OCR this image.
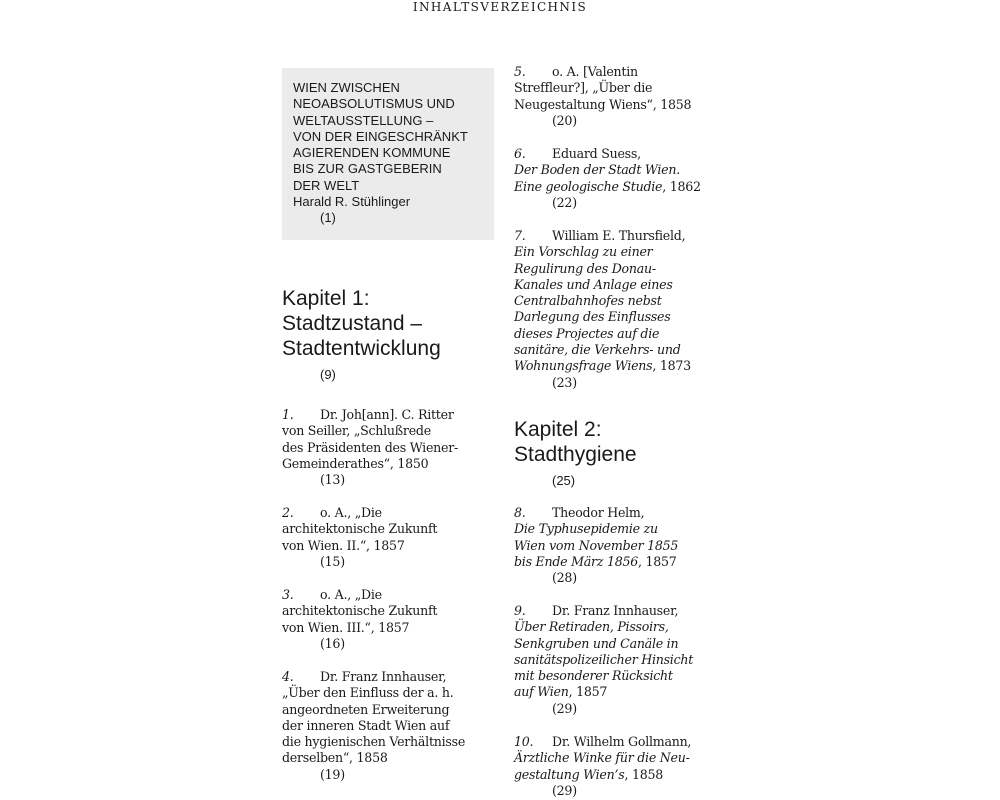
INHALTSVERZEICHNIS
WIEN ZWISCHEN
NEOABSOLUTISMUS UND
WELTAUSSTELLUNG –
VON DER EINGESCHRÄNKT
AGIERENDEN KOMMUNE
BIS ZUR GASTGEBERIN
DER WELT
Harald R. Stühlinger
(1)
Kapitel 1:
Stadtzustand –
Stadtentwicklung
(9)
1. Dr. Joh[ann]. C. Ritter
von Seiller, „Schlußrede
des Präsidenten des Wiener-
Gemeinderathes“, 1850
(13)
2. o. A., „Die
architektonische Zukunft
von Wien. II.“, 1857
(15)
3. o. A., „Die
architektonische Zukunft
von Wien. III.“, 1857
(16)
4. Dr. Franz Innhauser,
„Über den Einfluss der a. h.
angeordneten Erweiterung
der inneren Stadt Wien auf
die hygienischen Verhältnisse
derselben“, 1858
(19)
5. o. A. [Valentin
Streffleur?], „Über die
Neugestaltung Wiens“, 1858
(20)
6. Eduard Suess,
Der Boden der Stadt Wien.
Eine geologische Studie, 1862
(22)
7. William E. Thursfield,
Ein Vorschlag zu einer
Regulirung des Donau-
Kanales und Anlage eines
Centralbahnhofes nebst
Darlegung des Einflusses
dieses Projectes auf die
sanitäre, die Verkehrs- und
Wohnungsfrage Wiens, 1873
(23)
Kapitel 2:
Stadthygiene
(25)
8. Theodor Helm,
Die Typhusepidemie zu
Wien vom November 1855
bis Ende März 1856, 1857
(28)
9. Dr. Franz Innhauser,
Über Retiraden, Pissoirs,
Senkgruben und Canäle in
sanitätspolizeilicher Hinsicht
mit besonderer Rücksicht
auf Wien, 1857
(29)
10. Dr. Wilhelm Gollmann,
Ärztliche Winke für die Neu-
gestaltung Wien’s, 1858
(29)
